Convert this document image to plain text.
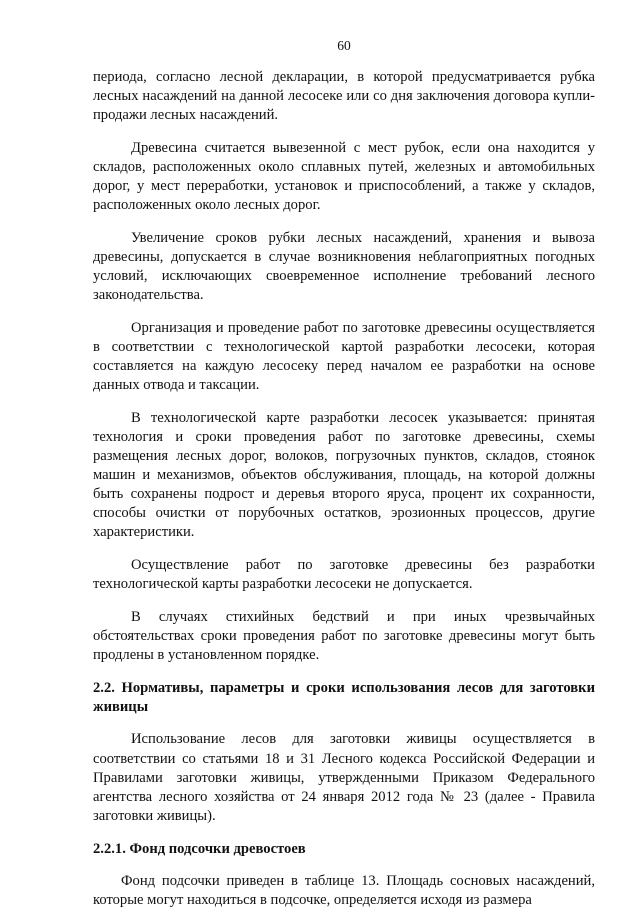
60

периода, согласно лесной декларации, в которой предусматривается рубка лесных насаждений на данной лесосеке или со дня заключения договора купли-продажи лесных насаждений.

Древесина считается вывезенной с мест рубок, если она находится у складов, расположенных около сплавных путей, железных и автомобильных дорог, у мест переработки, установок и приспособлений, а также у складов, расположенных около лесных дорог.

Увеличение сроков рубки лесных насаждений, хранения и вывоза древесины, допускается в случае возникновения неблагоприятных погодных условий, исключающих своевременное исполнение требований лесного законодательства.

Организация и проведение работ по заготовке древесины осуществляется в соответствии с технологической картой разработки лесосеки, которая составляется на каждую лесосеку перед началом ее разработки на основе данных отвода и таксации.

В технологической карте разработки лесосек указывается: принятая технология и сроки проведения работ по заготовке древесины, схемы размещения лесных дорог, волоков, погрузочных пунктов, складов, стоянок машин и механизмов, объектов обслуживания, площадь, на которой должны быть сохранены подрост и деревья второго яруса, процент их сохранности, способы очистки от порубочных остатков, эрозионных процессов, другие характеристики.

Осуществление работ по заготовке древесины без разработки технологической карты разработки лесосеки не допускается.

В случаях стихийных бедствий и при иных чрезвычайных обстоятельствах сроки проведения работ по заготовке древесины могут быть продлены в установленном порядке.

2.2. Нормативы, параметры и сроки использования лесов для заготовки живицы

Использование лесов для заготовки живицы осуществляется в соответствии со статьями 18 и 31 Лесного кодекса Российской Федерации и Правилами заготовки живицы, утвержденными Приказом Федерального агентства лесного хозяйства от 24 января 2012 года № 23 (далее - Правила заготовки живицы).

2.2.1. Фонд подсочки древостоев

Фонд подсочки приведен в таблице 13. Площадь сосновых насаждений, которые могут находиться в подсочке, определяется исходя из размера
